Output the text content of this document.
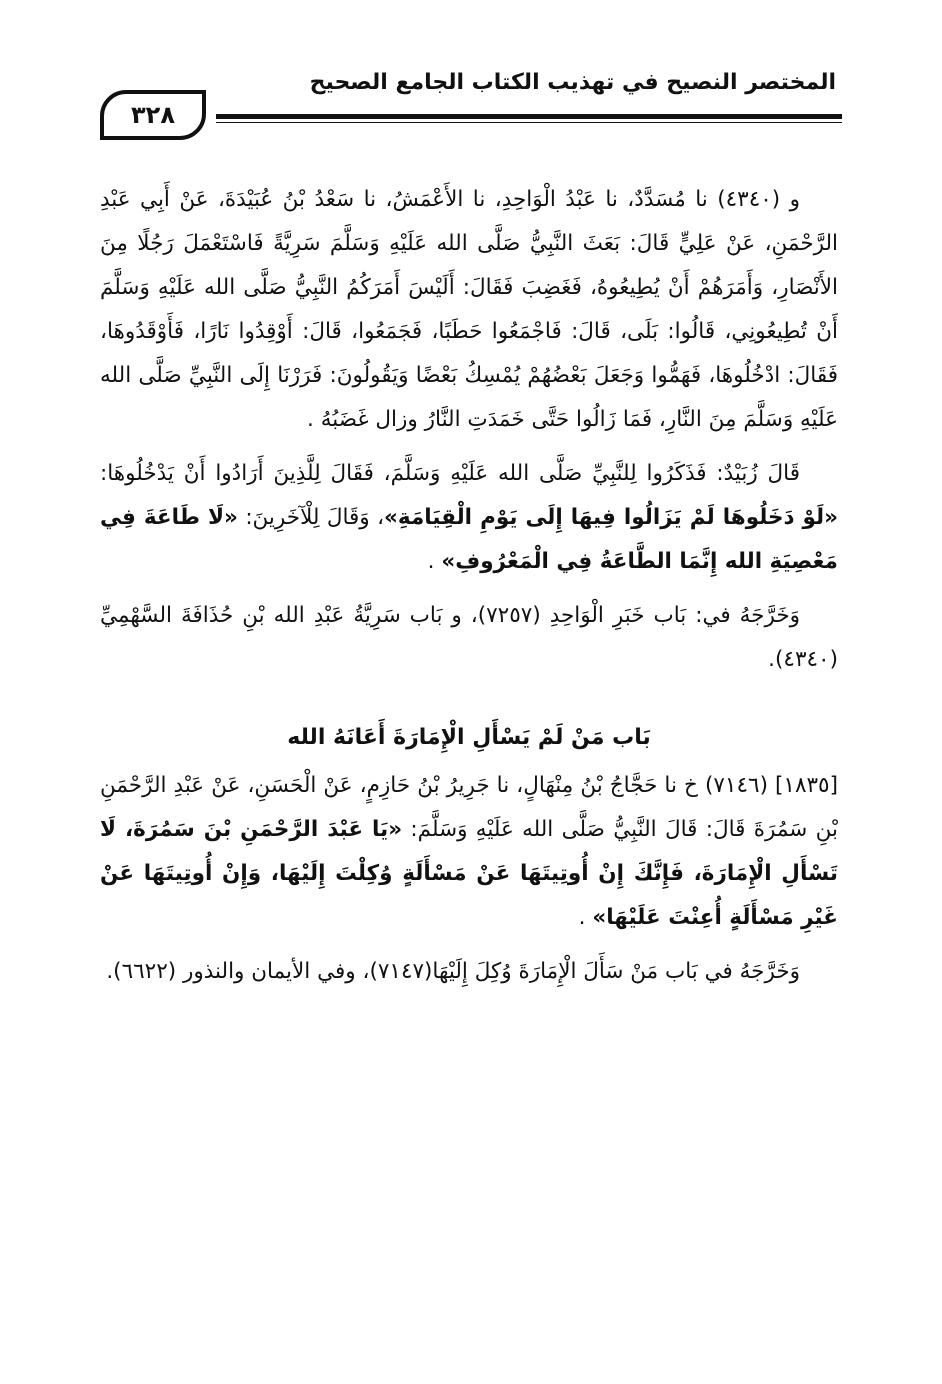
المختصر النصيح في تهذيب الكتاب الجامع الصحيح
٣٢٨

و (٤٣٤٠) نا مُسَدَّدٌ، نا عَبْدُ الْوَاحِدِ، نا الأَعْمَشُ، نا سَعْدُ بْنُ عُبَيْدَةَ، عَنْ أَبِي عَبْدِ الرَّحْمَنِ، عَنْ عَلِيٍّ قَالَ: بَعَثَ النَّبِيُّ صَلَّى الله عَلَيْهِ وَسَلَّمَ سَرِيَّةً فَاسْتَعْمَلَ رَجُلًا مِنَ الأَنْصَارِ، وَأَمَرَهُمْ أَنْ يُطِيعُوهُ، فَغَضِبَ فَقَالَ: أَلَيْسَ أَمَرَكُمُ النَّبِيُّ صَلَّى الله عَلَيْهِ وَسَلَّمَ أَنْ تُطِيعُونِي، قَالُوا: بَلَى، قَالَ: فَاجْمَعُوا حَطَبًا، فَجَمَعُوا، قَالَ: أَوْقِدُوا نَارًا، فَأَوْقَدُوهَا، فَقَالَ: ادْخُلُوهَا، فَهَمُّوا وَجَعَلَ بَعْضُهُمْ يُمْسِكُ بَعْضًا وَيَقُولُونَ: فَرَرْنَا إِلَى النَّبِيِّ صَلَّى الله عَلَيْهِ وَسَلَّمَ مِنَ النَّارِ، فَمَا زَالُوا حَتَّى خَمَدَتِ النَّارُ وزال غَضَبُهُ .

قَالَ زُبَيْدٌ: فَذَكَرُوا لِلنَّبِيِّ صَلَّى الله عَلَيْهِ وَسَلَّمَ، فَقَالَ لِلَّذِينَ أَرَادُوا أَنْ يَدْخُلُوهَا: «لَوْ دَخَلُوهَا لَمْ يَزَالُوا فِيهَا إِلَى يَوْمِ الْقِيَامَةِ»، وَقَالَ لِلْآخَرِينَ: «لَا طَاعَةَ فِي مَعْصِيَةِ الله إِنَّمَا الطَّاعَةُ فِي الْمَعْرُوفِ» .

وَخَرَّجَهُ في: بَاب خَبَرِ الْوَاحِدِ (٧٢٥٧)، و بَاب سَرِيَّةُ عَبْدِ الله بْنِ حُذَافَةَ السَّهْمِيِّ (٤٣٤٠).

بَاب مَنْ لَمْ يَسْأَلِ الْإِمَارَةَ أَعَانَهُ الله

[١٨٣٥] (٧١٤٦) خ نا حَجَّاجُ بْنُ مِنْهَالٍ، نا جَرِيرُ بْنُ حَازِمٍ، عَنْ الْحَسَنِ، عَنْ عَبْدِ الرَّحْمَنِ بْنِ سَمُرَةَ قَالَ: قَالَ النَّبِيُّ صَلَّى الله عَلَيْهِ وَسَلَّمَ: «يَا عَبْدَ الرَّحْمَنِ بْنَ سَمُرَةَ، لَا تَسْأَلِ الْإِمَارَةَ، فَإِنَّكَ إِنْ أُوتِيتَهَا عَنْ مَسْأَلَةٍ وُكِلْتَ إِلَيْهَا، وَإِنْ أُوتِيتَهَا عَنْ غَيْرِ مَسْأَلَةٍ أُعِنْتَ عَلَيْهَا» .

وَخَرَّجَهُ في بَاب مَنْ سَأَلَ الْإِمَارَةَ وُكِلَ إِلَيْهَا(٧١٤٧)، وفي الأيمان والنذور (٦٦٢٢).
